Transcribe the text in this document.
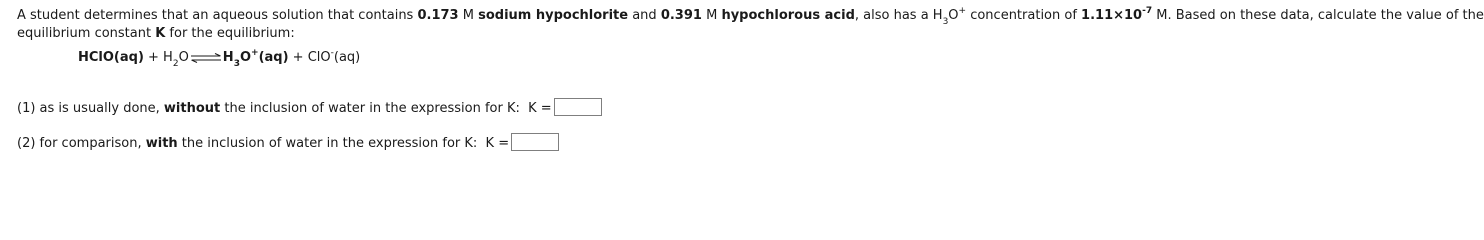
A student determines that an aqueous solution that contains 0.173 M sodium hypochlorite and 0.391 M hypochlorous acid, also has a $H_3O^+$ concentration of $1.11\times 10^{-7}$ M. Based on these data, calculate the value of the
equilibrium constant K for the equilibrium:
HClO(aq) + $H_2O\rightleftharpoons H_3O^+(aq) + ClO^-(aq)$
(1) as is usually done, without the inclusion of water in the expression for K: K =
(2) for comparison, with the inclusion of water in the expression for K: K =
